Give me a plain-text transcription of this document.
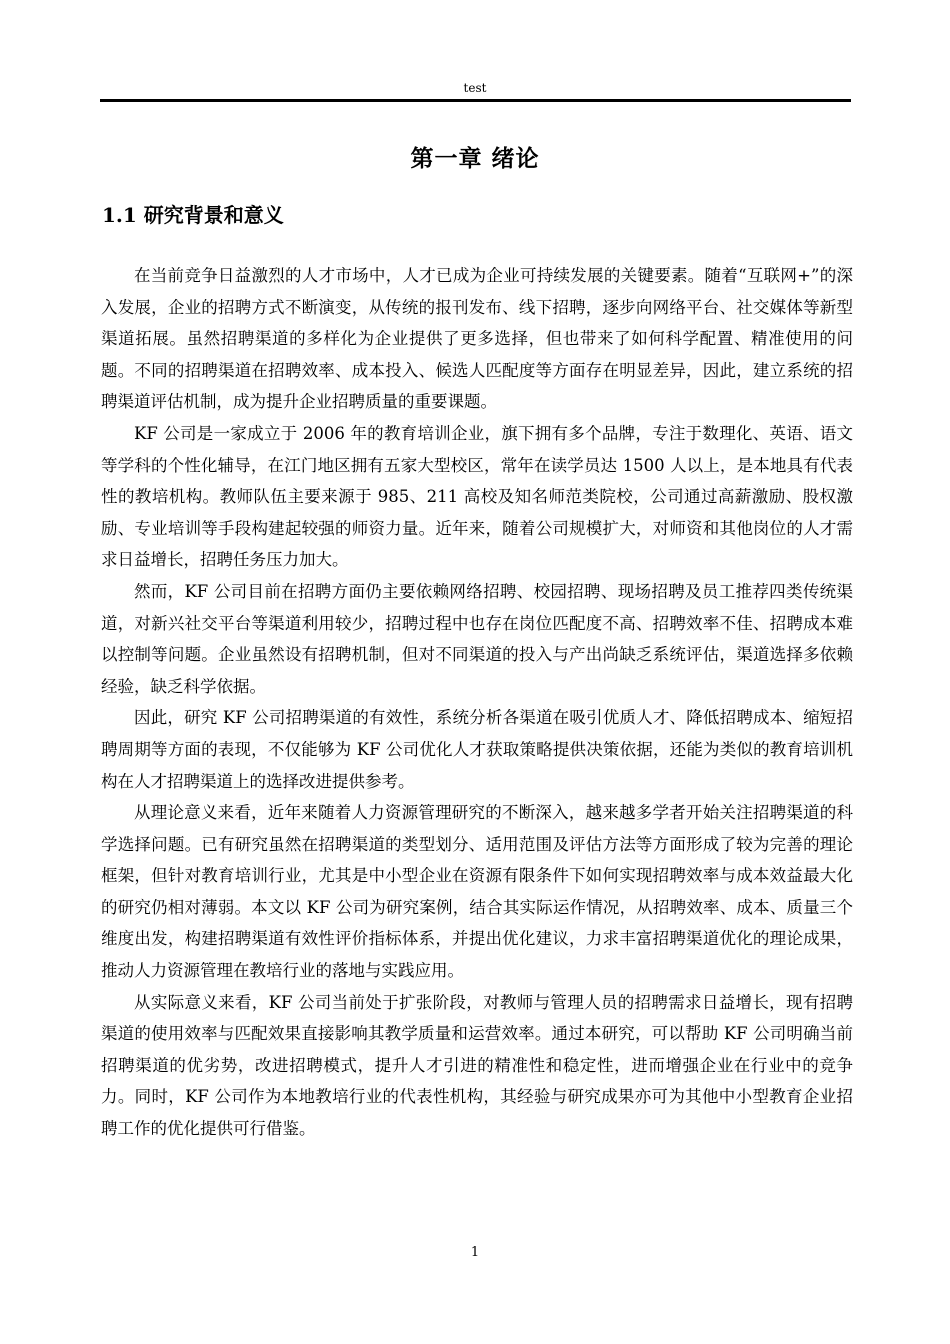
test
第一章 绪论
1.1 研究背景和意义

在当前竞争日益激烈的人才市场中，人才已成为企业可持续发展的关键要素。随着“互联网+”的深入发展，企业的招聘方式不断演变，从传统的报刊发布、线下招聘，逐步向网络平台、社交媒体等新型渠道拓展。虽然招聘渠道的多样化为企业提供了更多选择，但也带来了如何科学配置、精准使用的问题。不同的招聘渠道在招聘效率、成本投入、候选人匹配度等方面存在明显差异，因此，建立系统的招聘渠道评估机制，成为提升企业招聘质量的重要课题。

KF 公司是一家成立于 2006 年的教育培训企业，旗下拥有多个品牌，专注于数理化、英语、语文等学科的个性化辅导，在江门地区拥有五家大型校区，常年在读学员达 1500 人以上，是本地具有代表性的教培机构。教师队伍主要来源于 985、211 高校及知名师范类院校，公司通过高薪激励、股权激励、专业培训等手段构建起较强的师资力量。近年来，随着公司规模扩大，对师资和其他岗位的人才需求日益增长，招聘任务压力加大。

然而，KF 公司目前在招聘方面仍主要依赖网络招聘、校园招聘、现场招聘及员工推荐四类传统渠道，对新兴社交平台等渠道利用较少，招聘过程中也存在岗位匹配度不高、招聘效率不佳、招聘成本难以控制等问题。企业虽然设有招聘机制，但对不同渠道的投入与产出尚缺乏系统评估，渠道选择多依赖经验，缺乏科学依据。

因此，研究 KF 公司招聘渠道的有效性，系统分析各渠道在吸引优质人才、降低招聘成本、缩短招聘周期等方面的表现，不仅能够为 KF 公司优化人才获取策略提供决策依据，还能为类似的教育培训机构在人才招聘渠道上的选择改进提供参考。

从理论意义来看，近年来随着人力资源管理研究的不断深入，越来越多学者开始关注招聘渠道的科学选择问题。已有研究虽然在招聘渠道的类型划分、适用范围及评估方法等方面形成了较为完善的理论框架，但针对教育培训行业，尤其是中小型企业在资源有限条件下如何实现招聘效率与成本效益最大化的研究仍相对薄弱。本文以 KF 公司为研究案例，结合其实际运作情况，从招聘效率、成本、质量三个维度出发，构建招聘渠道有效性评价指标体系，并提出优化建议，力求丰富招聘渠道优化的理论成果，推动人力资源管理在教培行业的落地与实践应用。

从实际意义来看，KF 公司当前处于扩张阶段，对教师与管理人员的招聘需求日益增长，现有招聘渠道的使用效率与匹配效果直接影响其教学质量和运营效率。通过本研究，可以帮助 KF 公司明确当前招聘渠道的优劣势，改进招聘模式，提升人才引进的精准性和稳定性，进而增强企业在行业中的竞争力。同时，KF 公司作为本地教培行业的代表性机构，其经验与研究成果亦可为其他中小型教育企业招聘工作的优化提供可行借鉴。

1
